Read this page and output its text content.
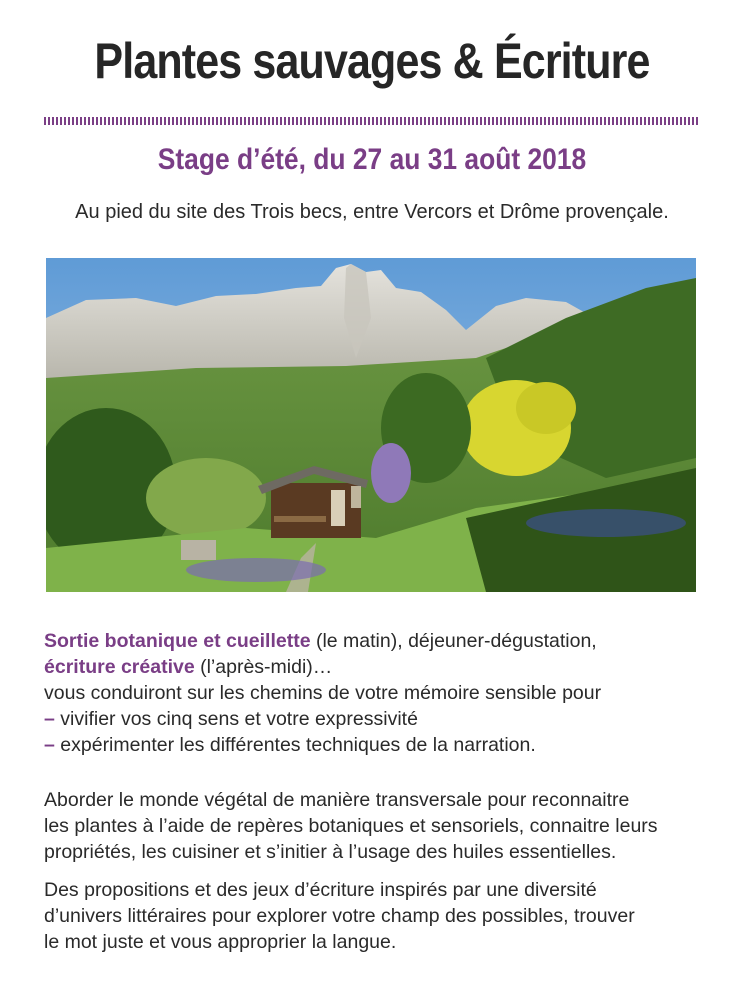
Plantes sauvages & Écriture
Stage d’été, du 27 au 31 août 2018
Au pied du site des Trois becs, entre Vercors et Drôme provençale.
Sortie botanique et cueillette (le matin), déjeuner-dégustation,
écriture créative (l’après-midi)…
vous conduiront sur les chemins de votre mémoire sensible pour
– vivifier vos cinq sens et votre expressivité
– expérimenter les différentes techniques de la narration.
Aborder le monde végétal de manière transversale pour reconnaitre
les plantes à l’aide de repères botaniques et sensoriels, connaitre leurs
propriétés, les cuisiner et s’initier à l’usage des huiles essentielles.
Des propositions et des jeux d’écriture inspirés par une diversité
d’univers littéraires pour explorer votre champ des possibles, trouver
le mot juste et vous approprier la langue.
